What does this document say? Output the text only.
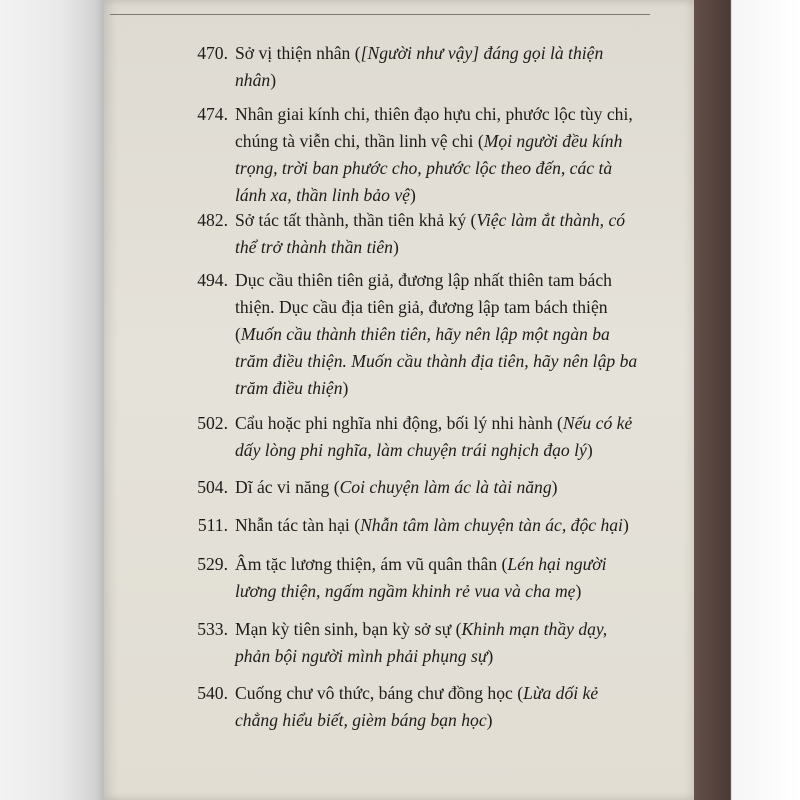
470. Sở vị thiện nhân ([Người như vậy] đáng gọi là thiện nhân)
474. Nhân giai kính chi, thiên đạo hựu chi, phước lộc tùy chi, chúng tà viễn chi, thần linh vệ chi (Mọi người đều kính trọng, trời ban phước cho, phước lộc theo đến, các tà lánh xa, thần linh bảo vệ)
482. Sở tác tất thành, thần tiên khả ký (Việc làm ắt thành, có thể trở thành thần tiên)
494. Dục cầu thiên tiên giả, đương lập nhất thiên tam bách thiện. Dục cầu địa tiên giả, đương lập tam bách thiện (Muốn cầu thành thiên tiên, hãy nên lập một ngàn ba trăm điều thiện. Muốn cầu thành địa tiên, hãy nên lập ba trăm điều thiện)
502. Cẩu hoặc phi nghĩa nhi động, bối lý nhi hành (Nếu có kẻ dấy lòng phi nghĩa, làm chuyện trái nghịch đạo lý)
504. Dĩ ác vi năng (Coi chuyện làm ác là tài năng)
511. Nhẫn tác tàn hại (Nhẫn tâm làm chuyện tàn ác, độc hại)
529. Âm tặc lương thiện, ám vũ quân thân (Lén hại người lương thiện, ngấm ngầm khinh rẻ vua và cha mẹ)
533. Mạn kỳ tiên sinh, bạn kỳ sở sự (Khinh mạn thầy dạy, phản bội người mình phải phụng sự)
540. Cuống chư vô thức, báng chư đồng học (Lừa dối kẻ chẳng hiểu biết, gièm báng bạn học)
